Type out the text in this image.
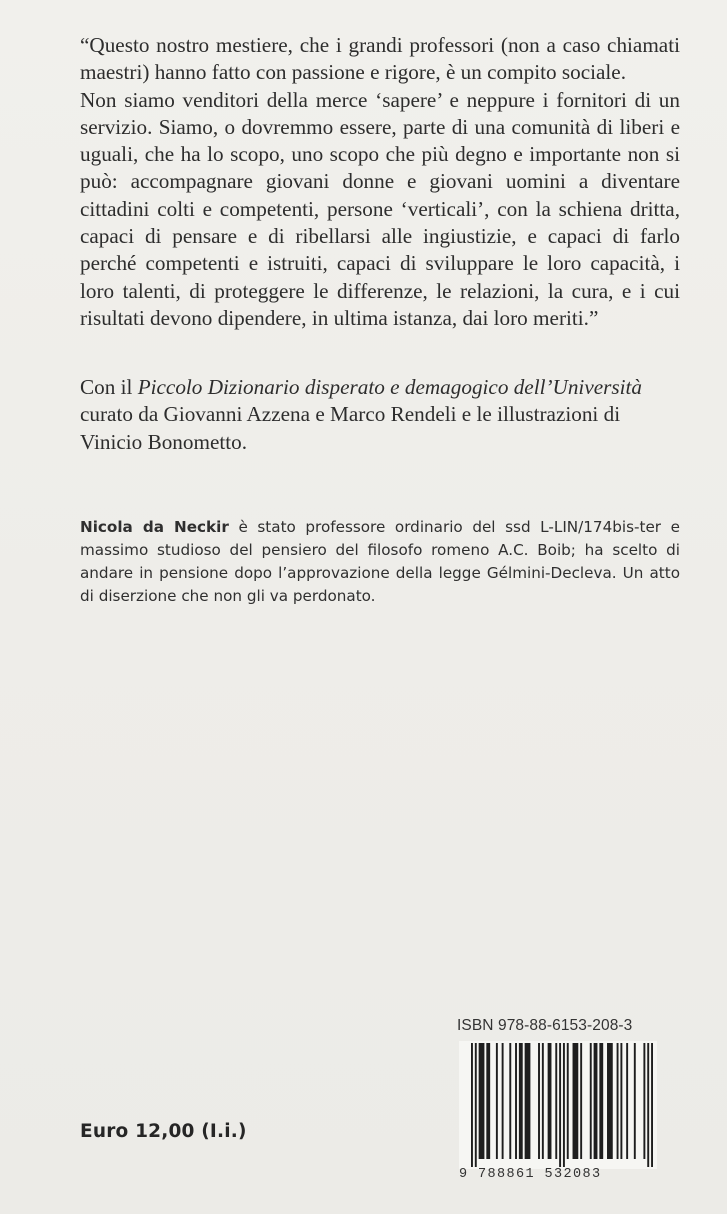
“Questo nostro mestiere, che i grandi professori (non a caso chiamati maestri) hanno fatto con passione e rigore, è un compito sociale.

Non siamo venditori della merce ‘sapere’ e neppure i fornitori di un servizio. Siamo, o dovremmo essere, parte di una comunità di liberi e uguali, che ha lo scopo, uno scopo che più degno e importante non si può: accompagnare giovani donne e giovani uomini a diventare cittadini colti e competenti, persone ‘verticali’, con la schiena dritta, capaci di pensare e di ribellarsi alle ingiustizie, e capaci di farlo perché competenti e istruiti, capaci di sviluppare le loro capacità, i loro talenti, di proteggere le differenze, le relazioni, la cura, e i cui risultati devono dipendere, in ultima istanza, dai loro meriti.”

Con il Piccolo Dizionario disperato e demagogico dell’Università curato da Giovanni Azzena e Marco Rendeli e le illustrazioni di Vinicio Bonometto.

Nicola da Neckir è stato professore ordinario del ssd L-LIN/174bis-ter e massimo studioso del pensiero del filosofo romeno A.C. Boib; ha scelto di andare in pensione dopo l’approvazione della legge Gélmini-Decleva. Un atto di diserzione che non gli va perdonato.

Euro 12,00 (I.i.)
ISBN 978-88-6153-208-3
9 788861 532083
